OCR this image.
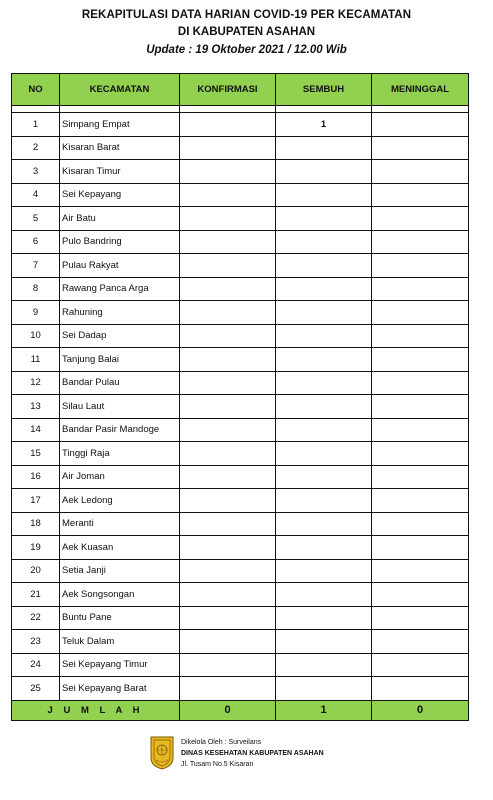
REKAPITULASI DATA HARIAN COVID-19 PER KECAMATAN
DI KABUPATEN ASAHAN
Update : 19 Oktober 2021 / 12.00 Wib
NO	KECAMATAN	KONFIRMASI	SEMBUH	MENINGGAL

1	Simpang Empat		1	
2	Kisaran Barat			
3	Kisaran Timur			
4	Sei Kepayang			
5	Air Batu			
6	Pulo Bandring			
7	Pulau Rakyat			
8	Rawang Panca Arga			
9	Rahuning			
10	Sei Dadap			
11	Tanjung Balai			
12	Bandar Pulau			
13	Silau Laut			
14	Bandar Pasir Mandoge			
15	Tinggi Raja			
16	Air Joman			
17	Aek Ledong			
18	Meranti			
19	Aek Kuasan			
20	Setia Janji			
21	Aek Songsongan			
22	Buntu Pane			
23	Teluk Dalam			
24	Sei Kepayang Timur			
25	Sei Kepayang Barat			
J U M L A H		0	1	0
Dikelola Oleh : Surveilans
DINAS KESEHATAN KABUPATEN ASAHAN
Jl. Tusam No.5 Kisaran
